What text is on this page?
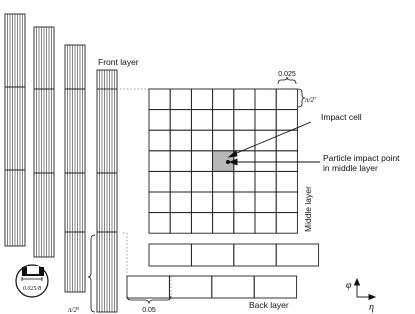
0.025/8
Front layer
Impact cell
Particle impact point
in middle layer
Middle layer
Back layer
0.025
$\pi/2^7$
$\pi/2^5$	0.05
φ
η
